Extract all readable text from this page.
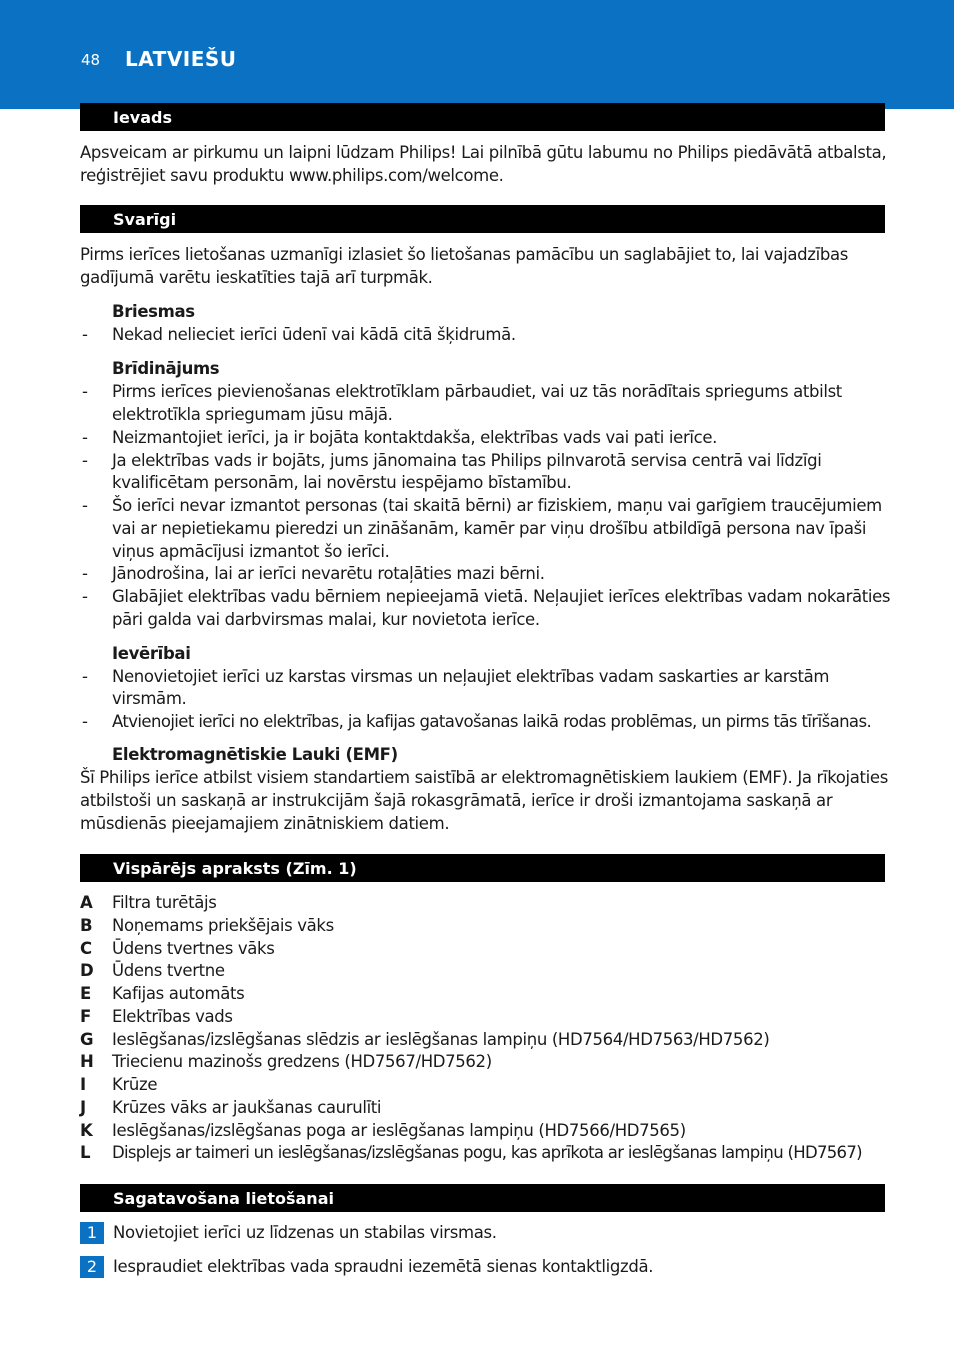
48 LATVIEŠU
Ievads
Apsveicam ar pirkumu un laipni lūdzam Philips! Lai pilnībā gūtu labumu no Philips piedāvātā atbalsta,
reģistrējiet savu produktu www.philips.com/welcome.
Svarīgi
Pirms ierīces lietošanas uzmanīgi izlasiet šo lietošanas pamācību un saglabājiet to, lai vajadzības
gadījumā varētu ieskatīties tajā arī turpmāk.
Briesmas
- Nekad nelieciet ierīci ūdenī vai kādā citā šķidrumā.
Brīdinājums
- Pirms ierīces pievienošanas elektrotīklam pārbaudiet, vai uz tās norādītais spriegums atbilst
elektrotīkla spriegumam jūsu mājā.
- Neizmantojiet ierīci, ja ir bojāta kontaktdakša, elektrības vads vai pati ierīce.
- Ja elektrības vads ir bojāts, jums jānomaina tas Philips pilnvarotā servisa centrā vai līdzīgi
kvalificētam personām, lai novērstu iespējamo bīstamību.
- Šo ierīci nevar izmantot personas (tai skaitā bērni) ar fiziskiem, maņu vai garīgiem traucējumiem
vai ar nepietiekamu pieredzi un zināšanām, kamēr par viņu drošību atbildīgā persona nav īpaši
viņus apmācījusi izmantot šo ierīci.
- Jānodrošina, lai ar ierīci nevarētu rotaļāties mazi bērni.
- Glabājiet elektrības vadu bērniem nepieejamā vietā. Neļaujiet ierīces elektrības vadam nokarāties
pāri galda vai darbvirsmas malai, kur novietota ierīce.
Ievērībai
- Nenovietojiet ierīci uz karstas virsmas un neļaujiet elektrības vadam saskarties ar karstām
virsmām.
- Atvienojiet ierīci no elektrības, ja kafijas gatavošanas laikā rodas problēmas, un pirms tās tīrīšanas.
Elektromagnētiskie Lauki (EMF)
Šī Philips ierīce atbilst visiem standartiem saistībā ar elektromagnētiskiem laukiem (EMF). Ja rīkojaties
atbilstoši un saskaņā ar instrukcijām šajā rokasgrāmatā, ierīce ir droši izmantojama saskaņā ar
mūsdienās pieejamajiem zinātniskiem datiem.
Vispārējs apraksts (Zīm. 1)
A Filtra turētājs
B Noņemams priekšējais vāks
C Ūdens tvertnes vāks
D Ūdens tvertne
E Kafijas automāts
F Elektrības vads
G Ieslēgšanas/izslēgšanas slēdzis ar ieslēgšanas lampiņu (HD7564/HD7563/HD7562)
H Triecienu mazinošs gredzens (HD7567/HD7562)
I Krūze
J Krūzes vāks ar jaukšanas caurulīti
K Ieslēgšanas/izslēgšanas poga ar ieslēgšanas lampiņu (HD7566/HD7565)
L Displejs ar taimeri un ieslēgšanas/izslēgšanas pogu, kas aprīkota ar ieslēgšanas lampiņu (HD7567)
Sagatavošana lietošanai
1 Novietojiet ierīci uz līdzenas un stabilas virsmas.
2 Iespraudiet elektrības vada spraudni iezemētā sienas kontaktligzdā.
